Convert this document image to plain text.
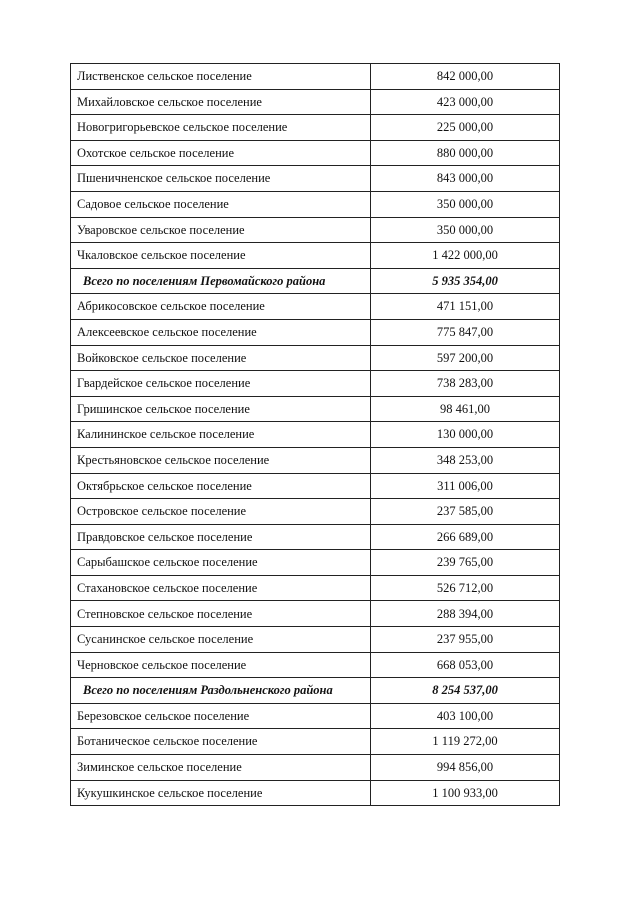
Лиственское сельское поселение	842 000,00
Михайловское сельское поселение	423 000,00
Новогригорьевское сельское поселение	225 000,00
Охотское сельское поселение	880 000,00
Пшеничненское сельское поселение	843 000,00
Садовое сельское поселение	350 000,00
Уваровское сельское поселение	350 000,00
Чкаловское сельское поселение	1 422 000,00
Всего по поселениям Первомайского района	5 935 354,00
Абрикосовское сельское поселение	471 151,00
Алексеевское сельское поселение	775 847,00
Войковское сельское поселение	597 200,00
Гвардейское сельское поселение	738 283,00
Гришинское сельское поселение	98 461,00
Калининское сельское поселение	130 000,00
Крестьяновское сельское поселение	348 253,00
Октябрьское сельское поселение	311 006,00
Островское сельское поселение	237 585,00
Правдовское сельское поселение	266 689,00
Сарыбашское сельское поселение	239 765,00
Стахановское сельское поселение	526 712,00
Степновское сельское поселение	288 394,00
Сусанинское сельское поселение	237 955,00
Черновское сельское поселение	668 053,00
Всего по поселениям Раздольненского района	8 254 537,00
Березовское сельское поселение	403 100,00
Ботаническое сельское поселение	1 119 272,00
Зиминское сельское поселение	994 856,00
Кукушкинское сельское поселение	1 100 933,00
